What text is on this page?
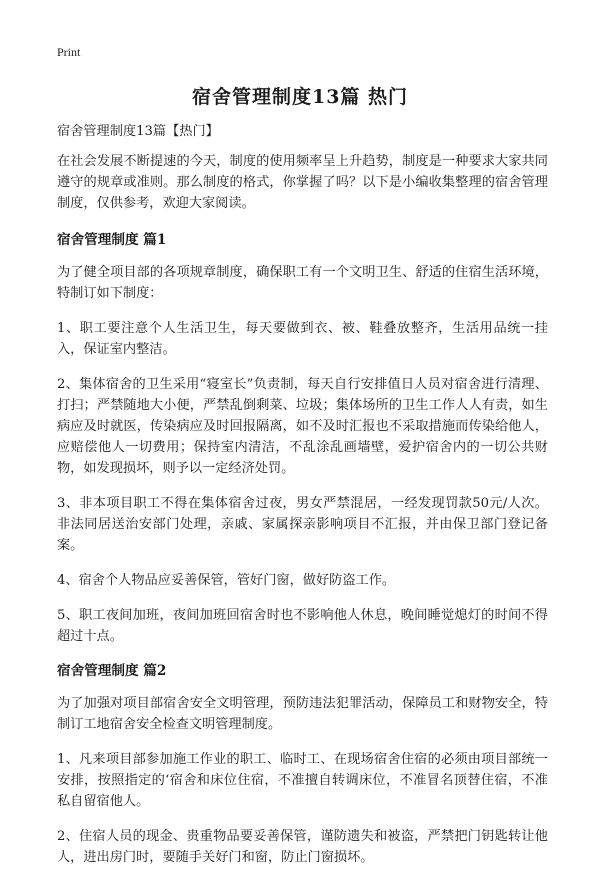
Print
宿舍管理制度13篇 热门

宿舍管理制度13篇【热门】

在社会发展不断提速的今天，制度的使用频率呈上升趋势，制度是一种要求大家共同遵守的规章或准则。那么制度的格式，你掌握了吗？以下是小编收集整理的宿舍管理制度，仅供参考，欢迎大家阅读。

宿舍管理制度 篇1

为了健全项目部的各项规章制度，确保职工有一个文明卫生、舒适的住宿生活环境，特制订如下制度：

1、职工要注意个人生活卫生，每天要做到衣、被、鞋叠放整齐，生活用品统一挂入，保证室内整洁。

2、集体宿舍的卫生采用“寝室长”负责制，每天自行安排值日人员对宿舍进行清理、打扫；严禁随地大小便，严禁乱倒剩菜、垃圾；集体场所的卫生工作人人有责，如生病应及时就医，传染病应及时回报隔离，如不及时汇报也不采取措施而传染给他人，应赔偿他人一切费用；保持室内清洁，不乱涂乱画墙壁，爱护宿舍内的一切公共财物，如发现损坏，则予以一定经济处罚。

3、非本项目职工不得在集体宿舍过夜，男女严禁混居，一经发现罚款50元/人次。非法同居送治安部门处理，亲戚、家属探亲影响项目不汇报，并由保卫部门登记备案。

4、宿舍个人物品应妥善保管，管好门窗，做好防盗工作。

5、职工夜间加班，夜间加班回宿舍时也不影响他人休息，晚间睡觉熄灯的时间不得超过十点。

宿舍管理制度 篇2

为了加强对项目部宿舍安全文明管理，预防违法犯罪活动，保障员工和财物安全，特制订工地宿舍安全检查文明管理制度。

1、凡来项目部参加施工作业的职工、临时工、在现场宿舍住宿的必须由项目部统一安排，按照指定的‘宿舍和床位住宿，不准擅自转调床位，不准冒名顶替住宿，不准私自留宿他人。

2、住宿人员的现金、贵重物品要妥善保管，谨防遗失和被盗，严禁把门钥匙转让他人，进出房门时，要随手关好门和窗，防止门窗损坏。
